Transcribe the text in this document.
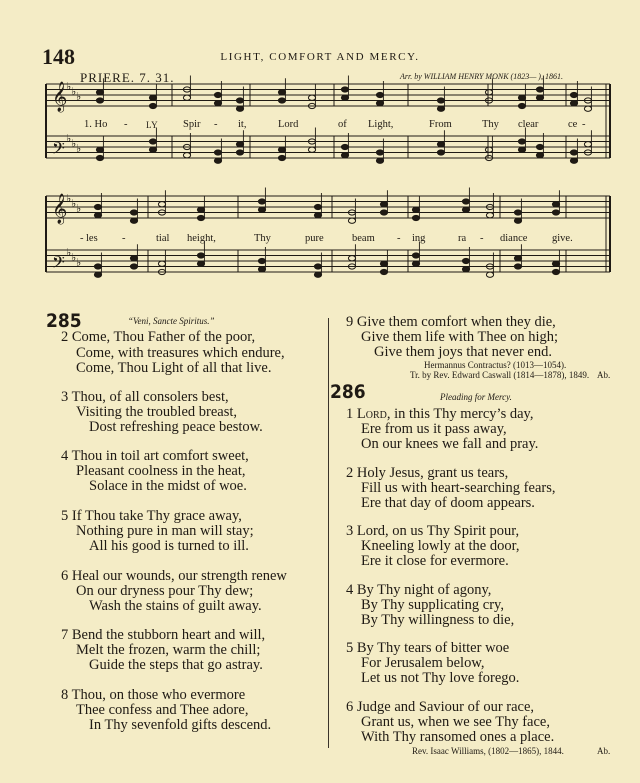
148	LIGHT, COMFORT AND MERCY.
PRIERE. 7. 31.	Arr. by WILLIAM HENRY MONK (1823— ), 1861.
𝄞
♭ ♭ ♭
𝄢 ♭ ♭ ♭
𝄞
♭ ♭ ♭
𝄢 ♭ ♭ ♭
1. Ho - LY Spir - it,	Lord	of Light,	From	Thy clear	ce -
- les -	tial height,	Thy	pure	beam - ing	ra - diance give.
285	“Veni, Sancte Spiritus.”
2 Come, Thou Father of the poor,
Come, with treasures which endure,
Come, Thou Light of all that live.
3 Thou, of all consolers best,
Visiting the troubled breast,
Dost refreshing peace bestow.
4 Thou in toil art comfort sweet,
Pleasant coolness in the heat,
Solace in the midst of woe.
5 If Thou take Thy grace away,
Nothing pure in man will stay;
All his good is turned to ill.
6 Heal our wounds, our strength renew
On our dryness pour Thy dew;
Wash the stains of guilt away.
7 Bend the stubborn heart and will,
Melt the frozen, warm the chill;
Guide the steps that go astray.
8 Thou, on those who evermore
Thee confess and Thee adore,
In Thy sevenfold gifts descend.
9 Give them comfort when they die,
Give them life with Thee on high;
Give them joys that never end.
Hermannus Contractus? (1013—1054).
Tr. by Rev. Edward Caswall (1814—1878), 1849. Ab.
286	Pleading for Mercy.
1 Lord, in this Thy mercy’s day,
Ere from us it pass away,
On our knees we fall and pray.
2 Holy Jesus, grant us tears,
Fill us with heart-searching fears,
Ere that day of doom appears.
3 Lord, on us Thy Spirit pour,
Kneeling lowly at the door,
Ere it close for evermore.
4 By Thy night of agony,
By Thy supplicating cry,
By Thy willingness to die,
5 By Thy tears of bitter woe
For Jerusalem below,
Let us not Thy love forego.
6 Judge and Saviour of our race,
Grant us, when we see Thy face,
With Thy ransomed ones a place.
Rev. Isaac Williams, (1802—1865), 1844.	Ab.
